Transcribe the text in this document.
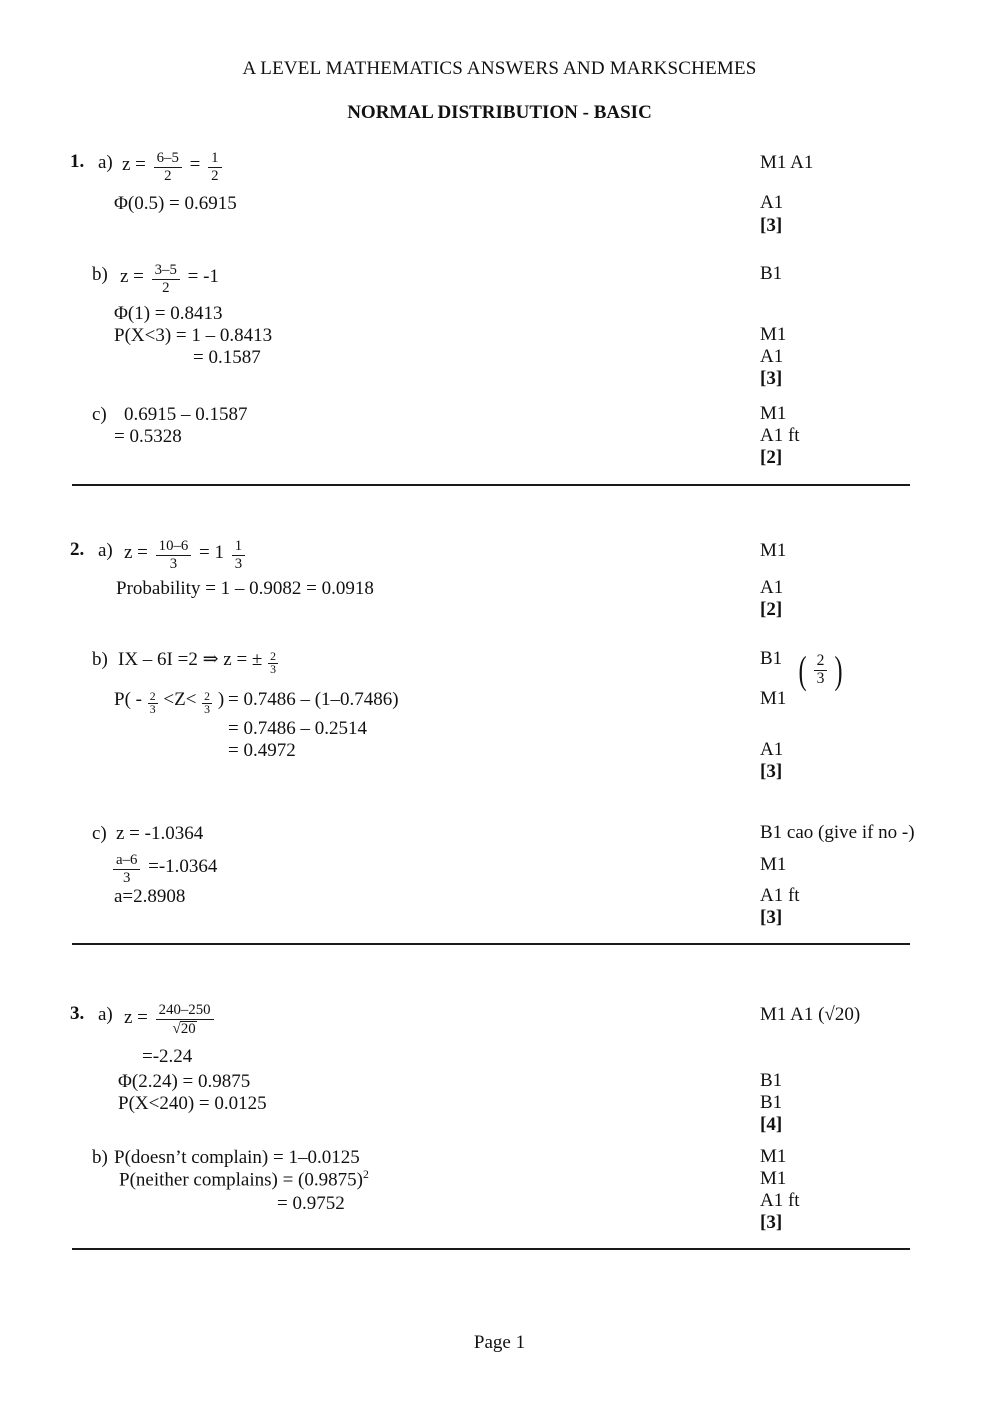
A LEVEL MATHEMATICS ANSWERS AND MARKSCHEMES
NORMAL DISTRIBUTION - BASIC
1. a) $z = \frac{6-5}{2} = \frac{1}{2}$
Φ(0.5) = 0.6915
M1 A1
A1
[3]
b) $z = \frac{3-5}{2} = -1$
Φ(1) = 0.8413
P(X<3) = 1 – 0.8413
= 0.1587
B1
M1
A1
[3]
c) 0.6915 – 0.1587
= 0.5328
M1
A1 ft
[2]
2. a) $z = \frac{10-6}{3} = 1 \frac{1}{3}$
Probability = 1 – 0.9082 = 0.0918
M1
A1
[2]
b) IX – 6I =2 ⇒ z = ± $\frac{2}{3}$
$P( - \frac{2}{3} <Z< \frac{2}{3}$ ) = 0.7486 – (1–0.7486)
= 0.7486 – 0.2514
= 0.4972
B1 ( $\frac{2}{3}$ )
M1
A1
[3]
c) z = -1.0364
$\frac{a-6}{3} =-1.0364$
a=2.8908
B1 cao (give if no -)
M1
A1 ft
[3]
3. a) $z = \frac{240-250}{√20}$
=-2.24
Φ(2.24) = 0.9875
P(X<240) = 0.0125
M1 A1 (√20)
B1
B1
[4]
b) P(doesn’t complain) = 1–0.0125
P(neither complains) = $(0.9875)^2$
= 0.9752
M1
M1
A1 ft
[3]
Page 1
